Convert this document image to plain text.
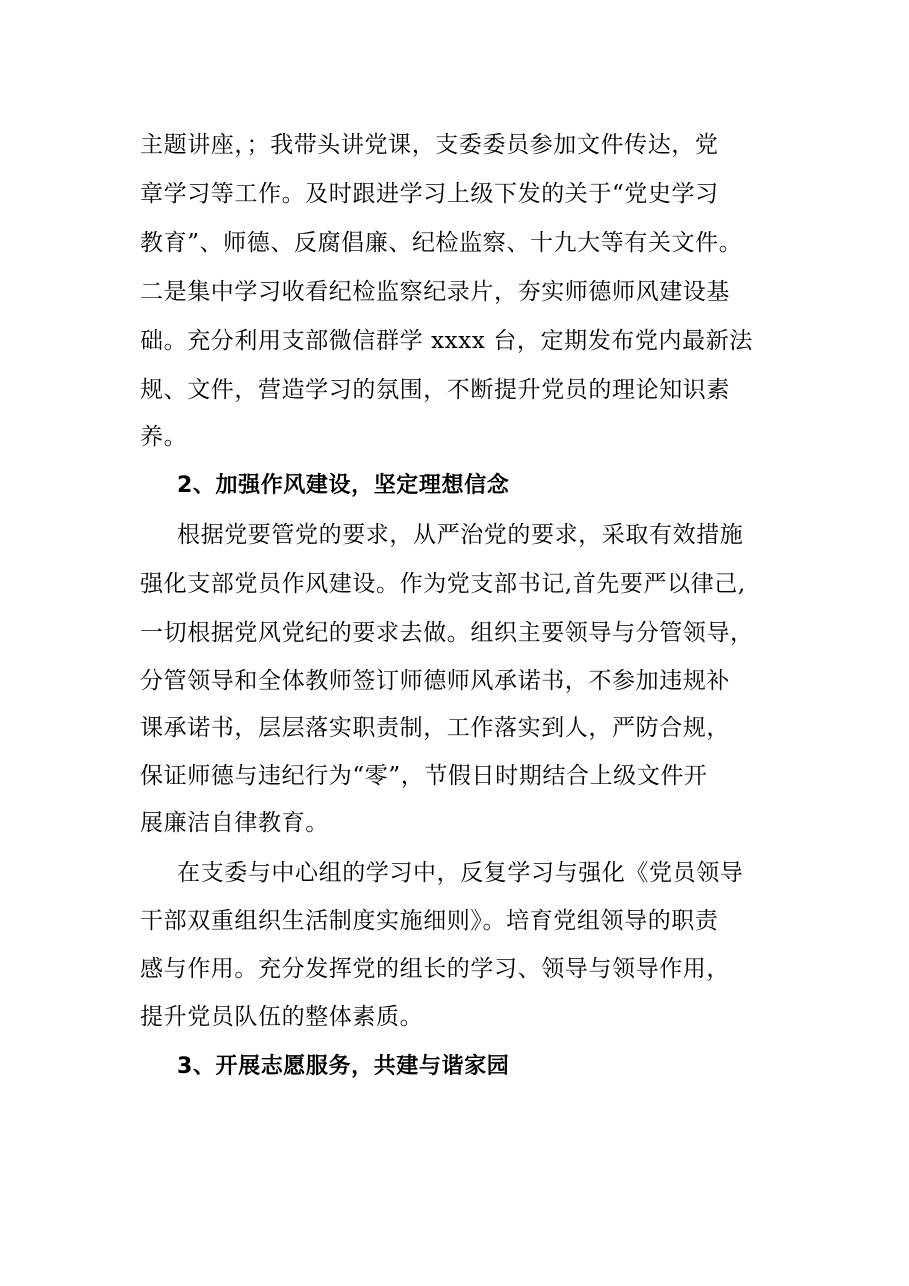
主题讲座，；我带头讲党课，支委委员参加文件传达，党
章学习等工作。及时跟进学习上级下发的关于“党史学习
教育”、师德、反腐倡廉、纪检监察、十九大等有关文件。
二是集中学习收看纪检监察纪录片，夯实师德师风建设基
础。充分利用支部微信群学 xxxx 台，定期发布党内最新法
规、文件，营造学习的氛围，不断提升党员的理论知识素
养。
2、加强作风建设，坚定理想信念
根据党要管党的要求，从严治党的要求，采取有效措施
强化支部党员作风建设。作为党支部书记,首先要严以律己,
一切根据党风党纪的要求去做。组织主要领导与分管领导，
分管领导和全体教师签订师德师风承诺书，不参加违规补
课承诺书，层层落实职责制，工作落实到人，严防合规，
保证师德与违纪行为“零”，节假日时期结合上级文件开
展廉洁自律教育。
在支委与中心组的学习中，反复学习与强化《党员领导
干部双重组织生活制度实施细则》。培育党组领导的职责
感与作用。充分发挥党的组长的学习、领导与领导作用，
提升党员队伍的整体素质。
3、开展志愿服务，共建与谐家园
